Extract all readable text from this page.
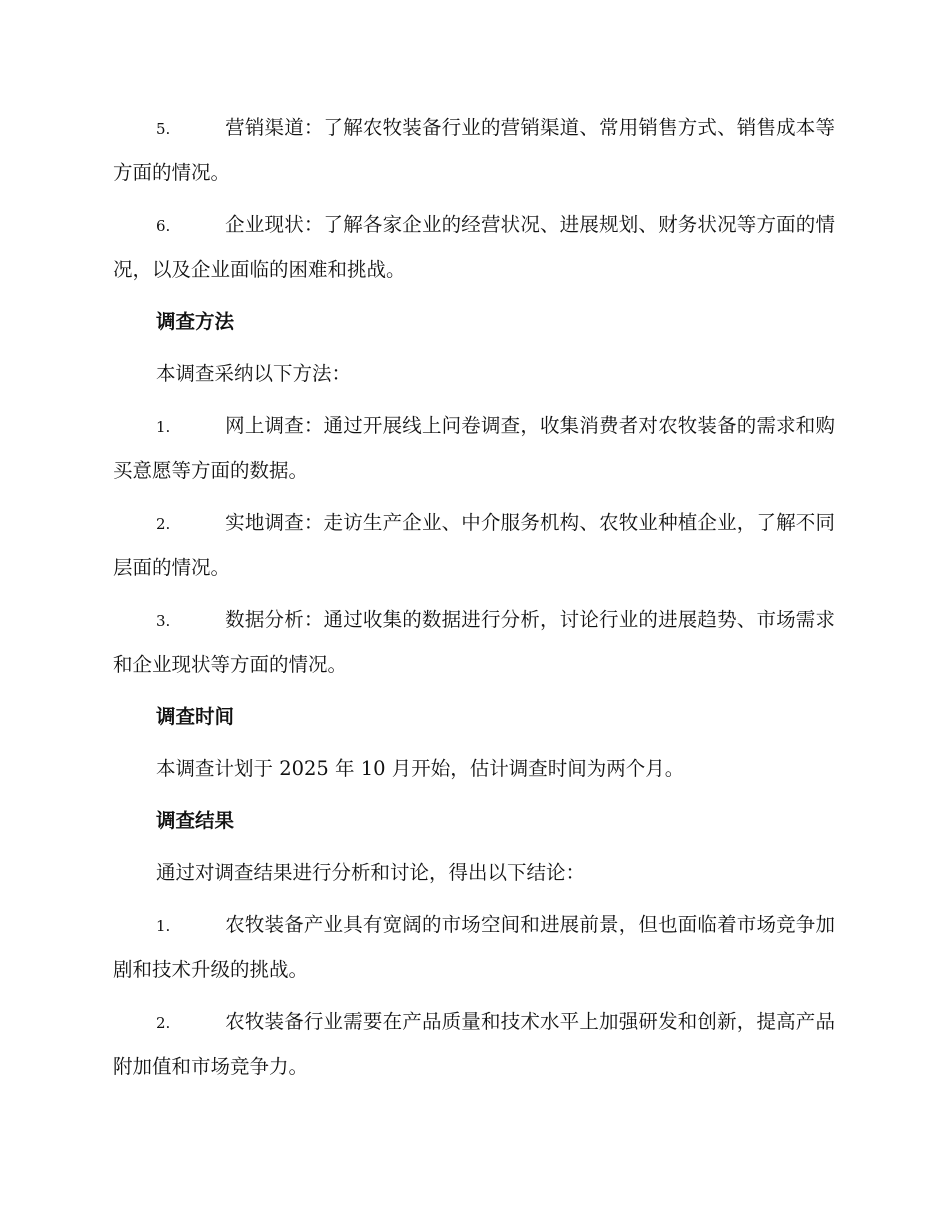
5.	营销渠道：了解农牧装备行业的营销渠道、常用销售方式、销售成本等方面的情况。

6.	企业现状：了解各家企业的经营状况、进展规划、财务状况等方面的情况，以及企业面临的困难和挑战。

调查方法

本调查采纳以下方法：

1.	网上调查：通过开展线上问卷调查，收集消费者对农牧装备的需求和购买意愿等方面的数据。

2.	实地调查：走访生产企业、中介服务机构、农牧业种植企业，了解不同层面的情况。

3.	数据分析：通过收集的数据进行分析，讨论行业的进展趋势、市场需求和企业现状等方面的情况。

调查时间

本调查计划于 2025 年 10 月开始，估计调查时间为两个月。

调查结果

通过对调查结果进行分析和讨论，得出以下结论：

1.	农牧装备产业具有宽阔的市场空间和进展前景，但也面临着市场竞争加剧和技术升级的挑战。

2.	农牧装备行业需要在产品质量和技术水平上加强研发和创新，提高产品附加值和市场竞争力。
